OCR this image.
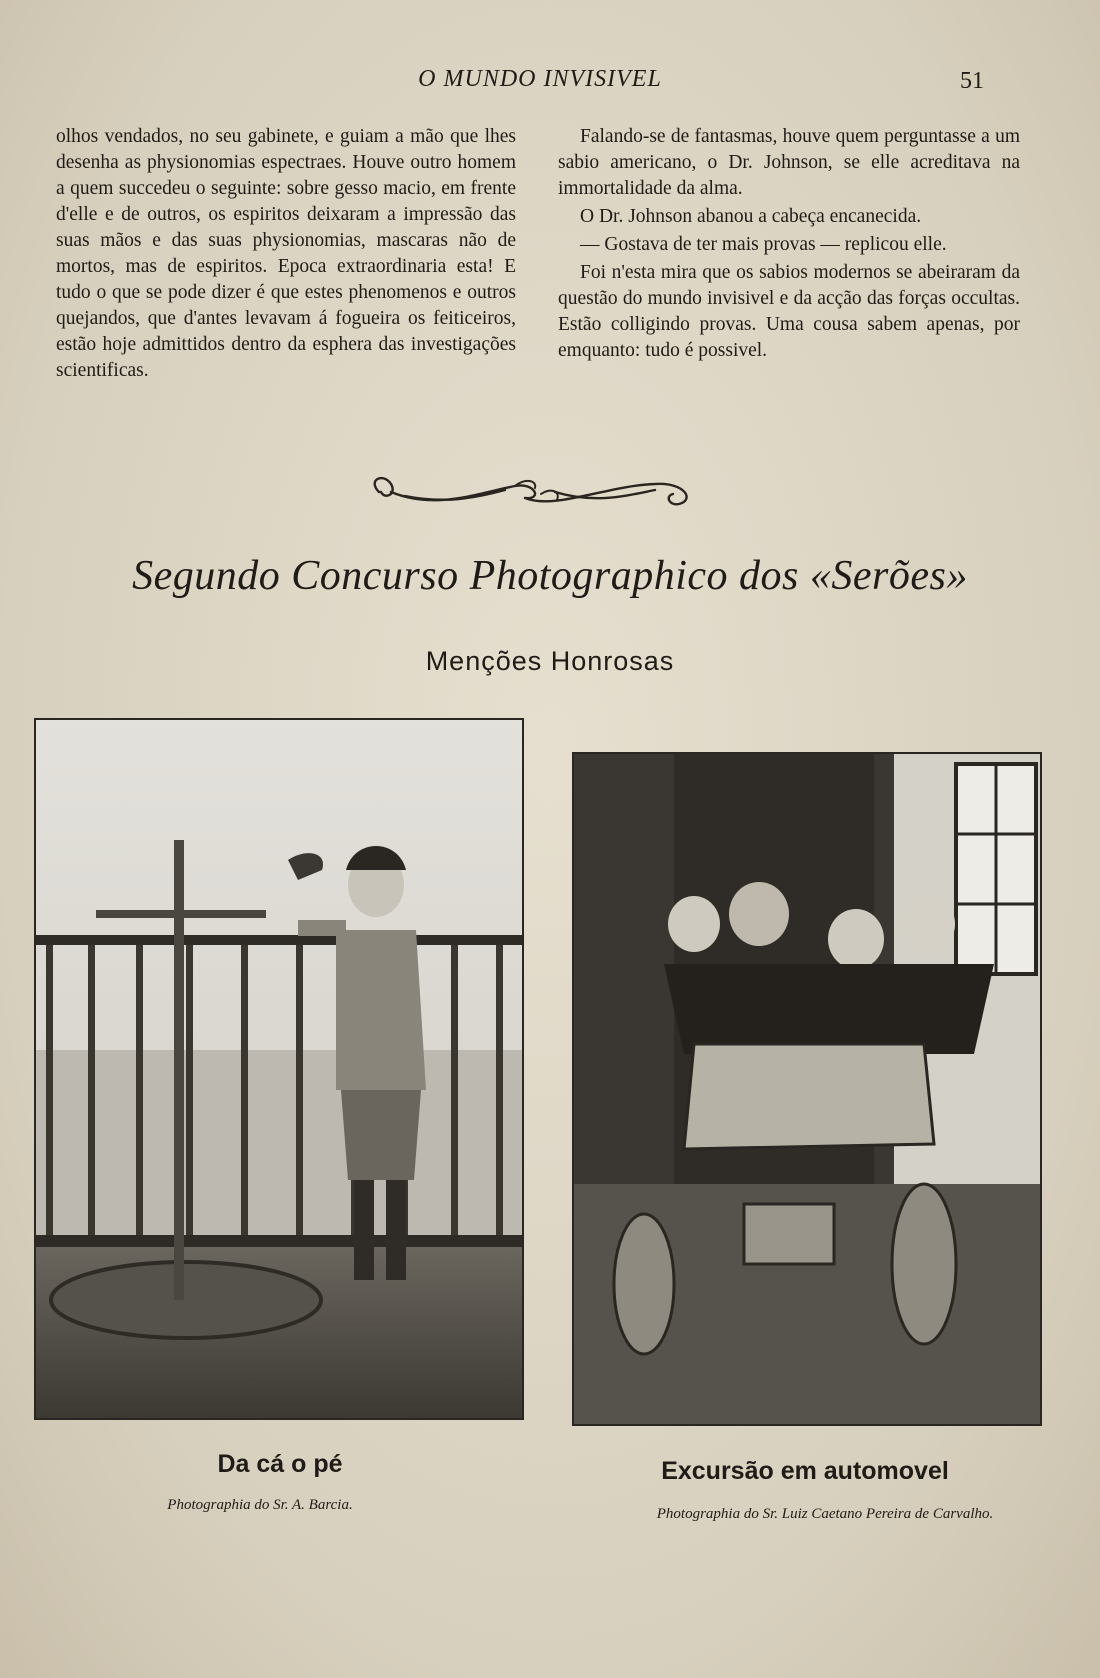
O MUNDO INVISIVEL	51

olhos vendados, no seu gabinete, e guiam a mão que lhes desenha as physionomias espectraes. Houve outro homem a quem succedeu o seguinte: sobre gesso macio, em frente d'elle e de outros, os espiritos deixaram a impressão das suas mãos e das suas physionomias, mascaras não de mortos, mas de espiritos. Epoca extraordinaria esta! E tudo o que se pode dizer é que estes phenomenos e outros quejandos, que d'antes levavam á fogueira os feiticeiros, estão hoje admittidos dentro da esphera das investigações scientificas.

Falando-se de fantasmas, houve quem perguntasse a um sabio americano, o Dr. Johnson, se elle acreditava na immortalidade da alma.

O Dr. Johnson abanou a cabeça encanecida.

— Gostava de ter mais provas — replicou elle.

Foi n'esta mira que os sabios modernos se abeiraram da questão do mundo invisivel e da acção das forças occultas. Estão colligindo provas. Uma cousa sabem apenas, por emquanto: tudo é possivel.

Segundo Concurso Photographico dos «Serões»
Menções Honrosas
Da cá o pé
Photographia do Sr. A. Barcia.
Excursão em automovel
Photographia do Sr. Luiz Caetano Pereira de Carvalho.
